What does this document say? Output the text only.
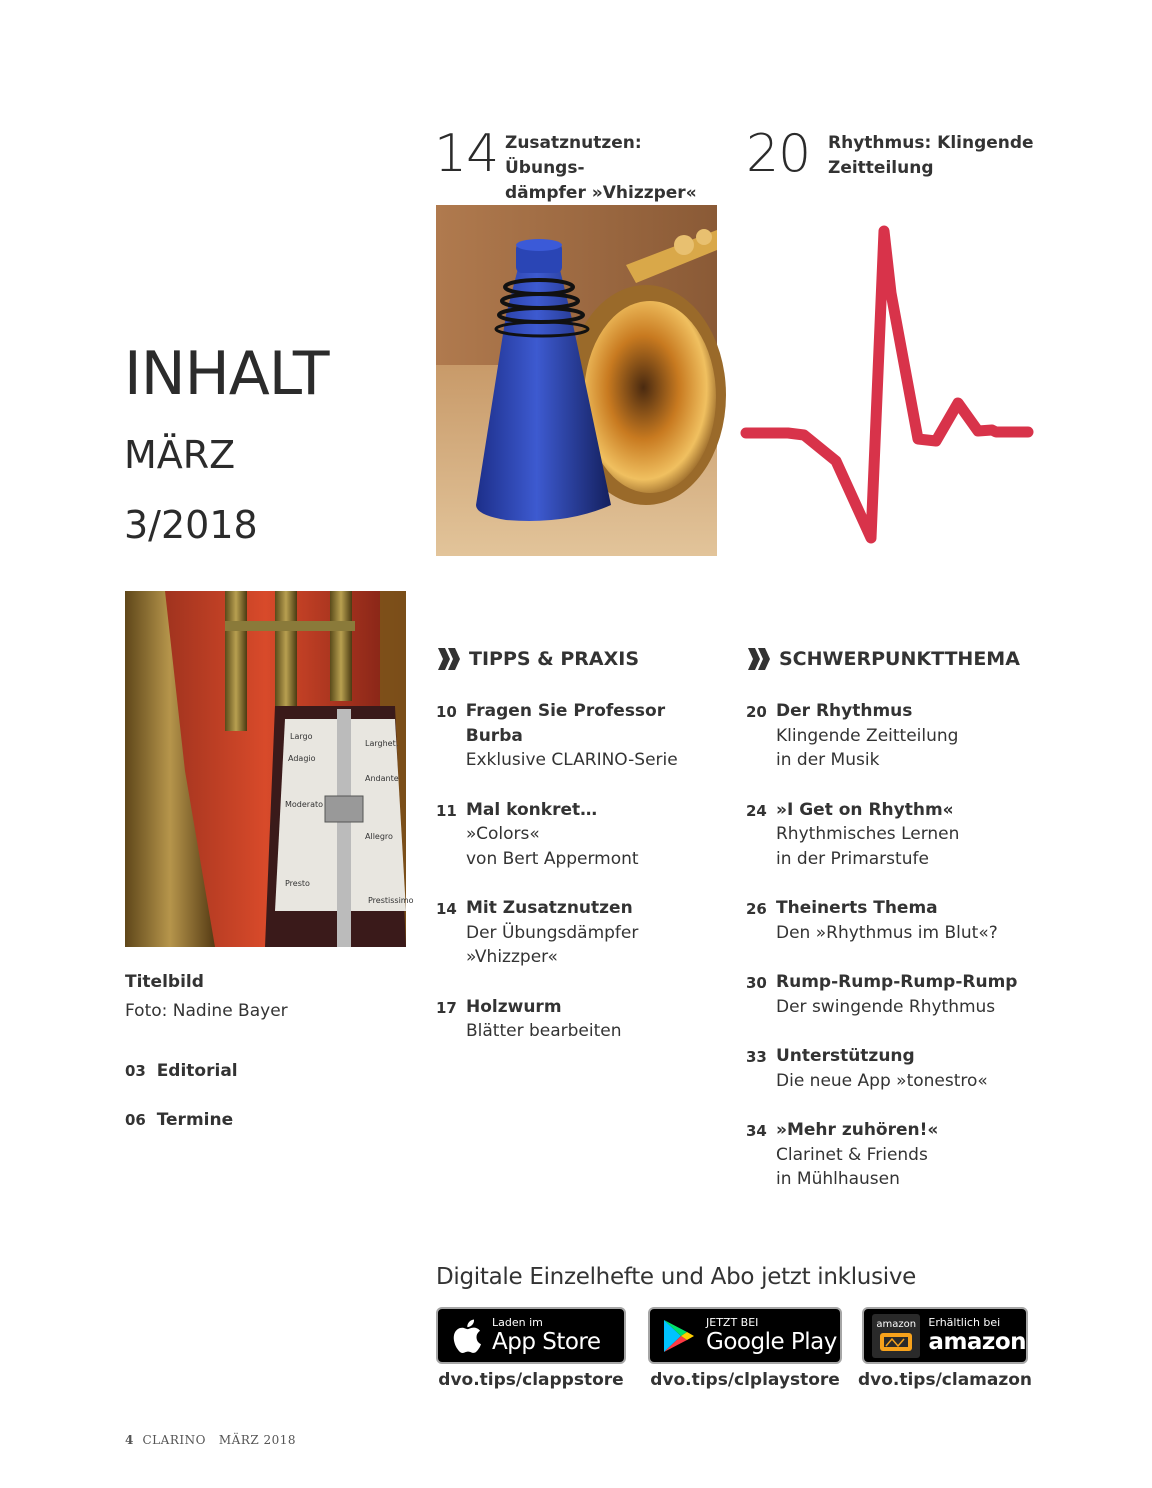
14 Zusatznutzen: Übungs-
dämpfer »Vhizzper«
20 Rhythmus: Klingende
Zeitteilung
INHALT
MÄRZ
3/2018
Largo
Larghet.
Adagio
Andante
Moderato
Allegro
Presto
Prestissimo
Titelbild
Foto: Nadine Bayer
03 Editorial
06 Termine
TIPPS & PRAXIS
10 Fragen Sie Professor Burba
Exklusive CLARINO-Serie
11 Mal konkret…
»Colors«
von Bert Appermont
14 Mit Zusatznutzen
Der Übungsdämpfer
»Vhizzper«
17 Holzwurm
Blätter bearbeiten
SCHWERPUNKTTHEMA
20 Der Rhythmus
Klingende Zeitteilung
in der Musik
24 »I Get on Rhythm«
Rhythmisches Lernen
in der Primarstufe
26 Theinerts Thema
Den »Rhythmus im Blut«?
30 Rump-Rump-Rump-Rump
Der swingende Rhythmus
33 Unterstützung
Die neue App »tonestro«
34 »Mehr zuhören!«
Clarinet & Friends
in Mühlhausen
Digitale Einzelhefte und Abo jetzt inklusive
Laden im
App Store
JETZT BEI
Google Play
amazon Erhältlich bei
amazon
dvo.tips/clappstore	dvo.tips/clplaystore	dvo.tips/clamazon
4 CLARINO MÄRZ 2018
